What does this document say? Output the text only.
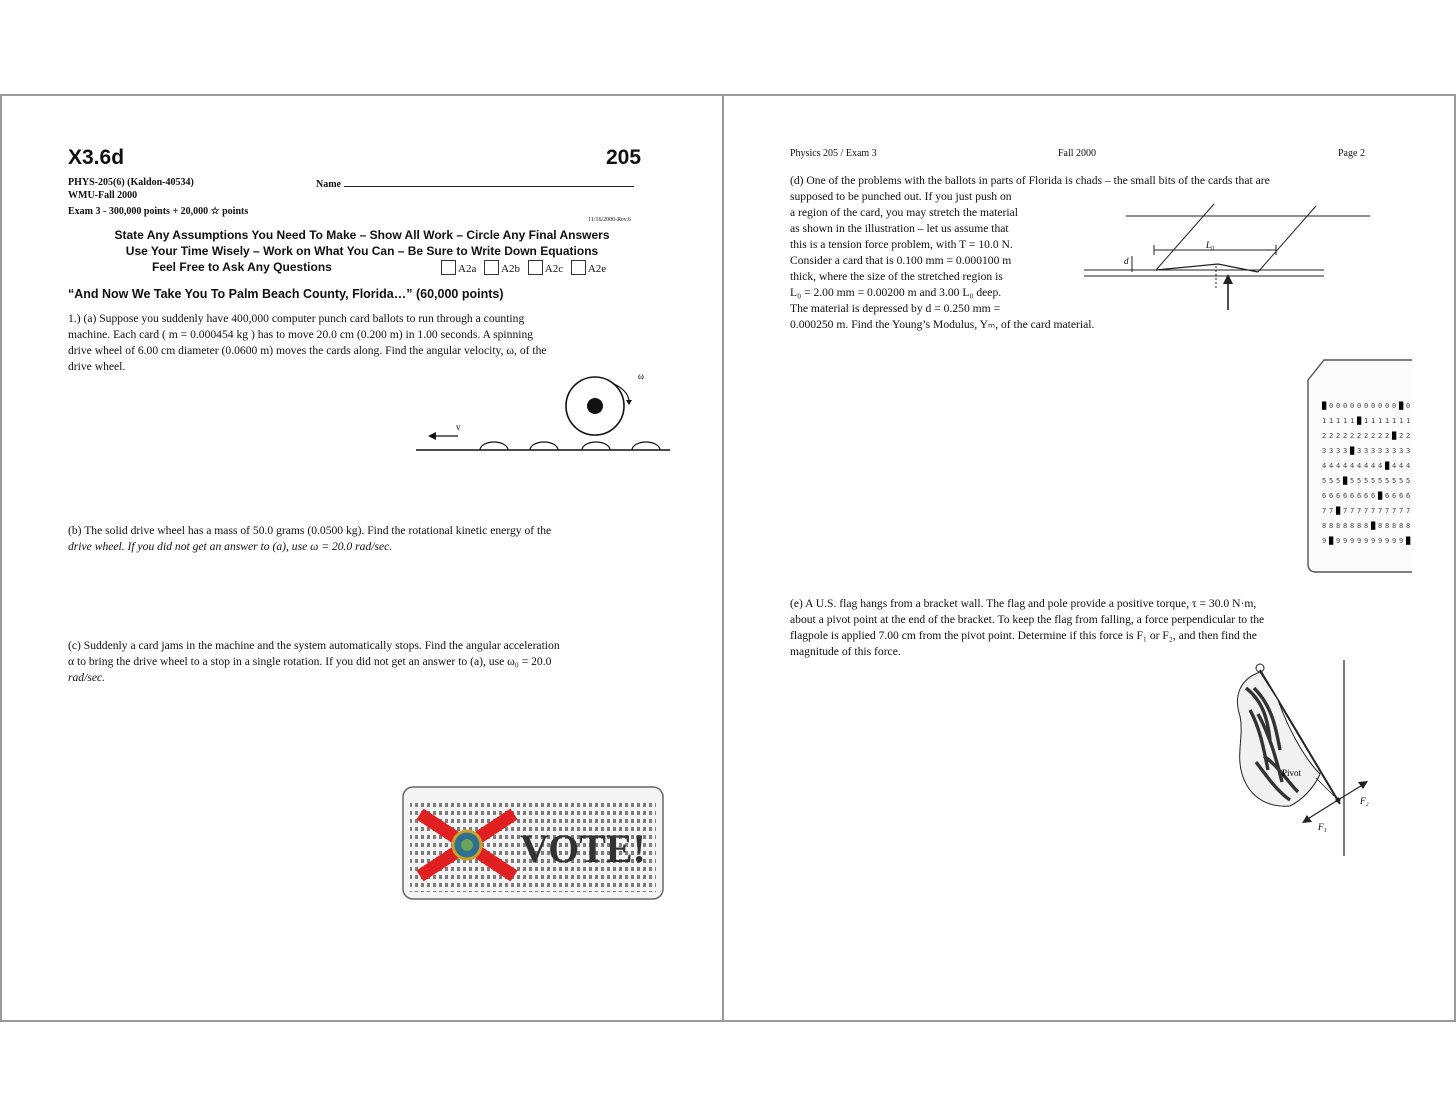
X3.6d	205
PHYS-205(6) (Kaldon-40534)	Name
WMU-Fall 2000
Exam 3 - 300,000 points + 20,000 ☆ points
11/16/2000-Rev.6
State Any Assumptions You Need To Make – Show All Work – Circle Any Final Answers
Use Your Time Wisely – Work on What You Can – Be Sure to Write Down Equations
Feel Free to Ask Any Questions	A2a A2b A2c A2e
“And Now We Take You To Palm Beach County, Florida…” (60,000 points)
1.) (a) Suppose you suddenly have 400,000 computer punch card ballots to run through a counting
machine. Each card ( m = 0.000454 kg ) has to move 20.0 cm (0.200 m) in 1.00 seconds. A spinning
drive wheel of 6.00 cm diameter (0.0600 m) moves the cards along. Find the angular velocity, ω, of the
drive wheel.
ω
v
(b) The solid drive wheel has a mass of 50.0 grams (0.0500 kg). Find the rotational kinetic energy of the
drive wheel. If you did not get an answer to (a), use ω = 20.0 rad/sec.
(c) Suddenly a card jams in the machine and the system automatically stops. Find the angular acceleration
α to bring the drive wheel to a stop in a single rotation. If you did not get an answer to (a), use ω₀ = 20.0
rad/sec.
VOTE!
Physics 205 / Exam 3	Fall 2000	Page 2
(d) One of the problems with the ballots in parts of Florida is chads – the small bits of the cards that are
supposed to be punched out. If you just push on
a region of the card, you may stretch the material
as shown in the illustration – let us assume that
this is a tension force problem, with T = 10.0 N.
Consider a card that is 0.100 mm = 0.000100 m
thick, where the size of the stretched region is
L₀ = 2.00 mm = 0.00200 m and 3.00 L₀ deep.
The material is depressed by d = 0.250 mm =
0.000250 m. Find the Young’s Modulus, Yₘ, of the card material.
L₀
d
█ 0 0 0 0 0 0 0 0 0 0 █ 0
1 1 1 1 1 █ 1 1 1 1 1 1 1
2 2 2 2 2 2 2 2 2 2 █ 2 2
3 3 3 3 █ 3 3 3 3 3 3 3 3
4 4 4 4 4 4 4 4 4 █ 4 4 4
5 5 5 █ 5 5 5 5 5 5 5 5 5
6 6 6 6 6 6 6 6 █ 6 6 6 6
7 7 █ 7 7 7 7 7 7 7 7 7 7
8 8 8 8 8 8 8 █ 8 8 8 8 8
9 █ 9 9 9 9 9 9 9 9 9 9 █
(e) A U.S. flag hangs from a bracket wall. The flag and pole provide a positive torque, τ = 30.0 N·m,
about a pivot point at the end of the bracket. To keep the flag from falling, a force perpendicular to the
flagpole is applied 7.00 cm from the pivot point. Determine if this force is F₁ or F₂, and then find the
magnitude of this force.
Pivot
F₁
F₂
